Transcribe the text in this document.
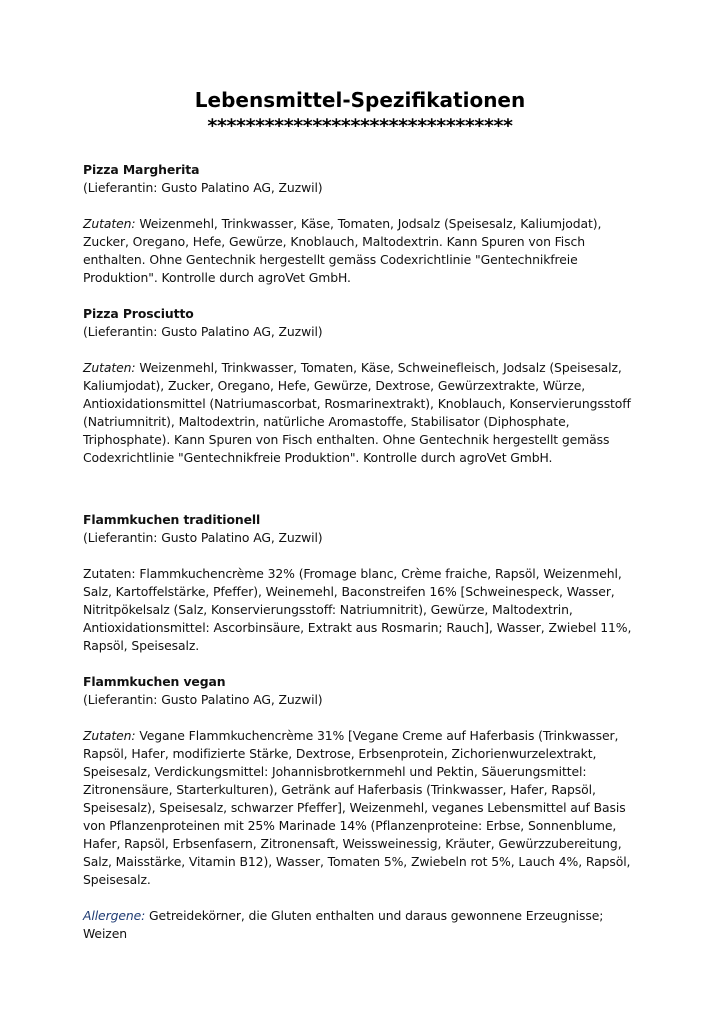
Lebensmittel-Spezifikationen
********************************

Pizza Margherita

(Lieferantin: Gusto Palatino AG, Zuzwil)

Zutaten: Weizenmehl, Trinkwasser, Käse, Tomaten, Jodsalz (Speisesalz, Kaliumjodat), Zucker, Oregano, Hefe, Gewürze, Knoblauch, Maltodextrin. Kann Spuren von Fisch enthalten. Ohne Gentechnik hergestellt gemäss Codexrichtlinie "Gentechnikfreie Produktion". Kontrolle durch agroVet GmbH.

Pizza Prosciutto

(Lieferantin: Gusto Palatino AG, Zuzwil)

Zutaten: Weizenmehl, Trinkwasser, Tomaten, Käse, Schweinefleisch, Jodsalz (Speisesalz, Kaliumjodat), Zucker, Oregano, Hefe, Gewürze, Dextrose, Gewürzextrakte, Würze, Antioxidationsmittel (Natriumascorbat, Rosmarinextrakt), Knoblauch, Konservierungsstoff (Natriumnitrit), Maltodextrin, natürliche Aromastoffe, Stabilisator (Diphosphate, Triphosphate). Kann Spuren von Fisch enthalten. Ohne Gentechnik hergestellt gemäss Codexrichtlinie "Gentechnikfreie Produktion". Kontrolle durch agroVet GmbH.

Flammkuchen traditionell

(Lieferantin: Gusto Palatino AG, Zuzwil)

Zutaten: Flammkuchencrème 32% (Fromage blanc, Crème fraiche, Rapsöl, Weizenmehl, Salz, Kartoffelstärke, Pfeffer), Weinemehl, Baconstreifen 16% [Schweinespeck, Wasser, Nitritpökelsalz (Salz, Konservierungsstoff: Natriumnitrit), Gewürze, Maltodextrin, Antioxidationsmittel: Ascorbinsäure, Extrakt aus Rosmarin; Rauch], Wasser, Zwiebel 11%, Rapsöl, Speisesalz.

Flammkuchen vegan

(Lieferantin: Gusto Palatino AG, Zuzwil)

Zutaten: Vegane Flammkuchencrème 31% [Vegane Creme auf Haferbasis (Trinkwasser, Rapsöl, Hafer, modifizierte Stärke, Dextrose, Erbsenprotein, Zichorienwurzelextrakt, Speisesalz, Verdickungsmittel: Johannisbrotkernmehl und Pektin, Säuerungsmittel: Zitronensäure, Starterkulturen), Getränk auf Haferbasis (Trinkwasser, Hafer, Rapsöl, Speisesalz), Speisesalz, schwarzer Pfeffer], Weizenmehl, veganes Lebensmittel auf Basis von Pflanzenproteinen mit 25% Marinade 14% (Pflanzenproteine: Erbse, Sonnenblume, Hafer, Rapsöl, Erbsenfasern, Zitronensaft, Weissweinessig, Kräuter, Gewürzzubereitung, Salz, Maisstärke, Vitamin B12), Wasser, Tomaten 5%, Zwiebeln rot 5%, Lauch 4%, Rapsöl, Speisesalz.

Allergene: Getreidekörner, die Gluten enthalten und daraus gewonnene Erzeugnisse; Weizen
